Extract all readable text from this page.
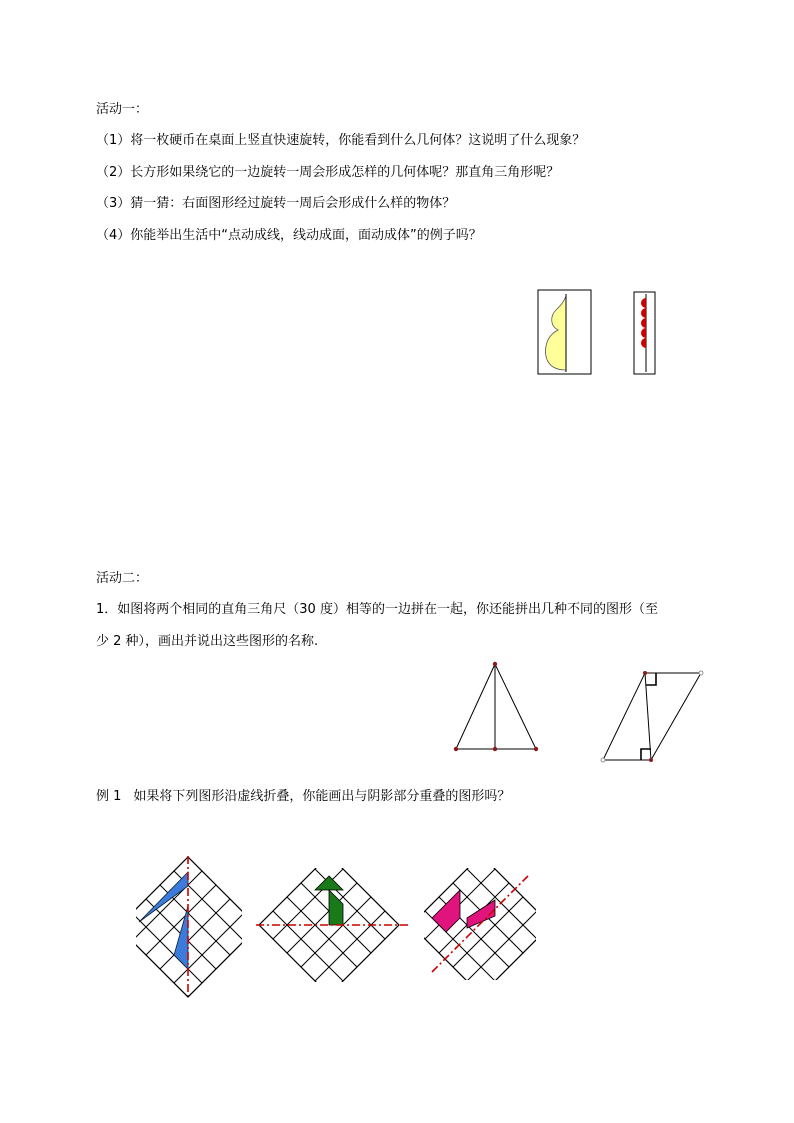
活动一：
（1）将一枚硬币在桌面上竖直快速旋转，你能看到什么几何体？这说明了什么现象？
（2）长方形如果绕它的一边旋转一周会形成怎样的几何体呢？那直角三角形呢？
（3）猜一猜：右面图形经过旋转一周后会形成什么样的物体？
（4）你能举出生活中“点动成线，线动成面，面动成体”的例子吗？
活动二：
1．如图将两个相同的直角三角尺（30 度）相等的一边拼在一起，你还能拼出几种不同的图形（至
少 2 种），画出并说出这些图形的名称.
例 1 如果将下列图形沿虚线折叠，你能画出与阴影部分重叠的图形吗？
